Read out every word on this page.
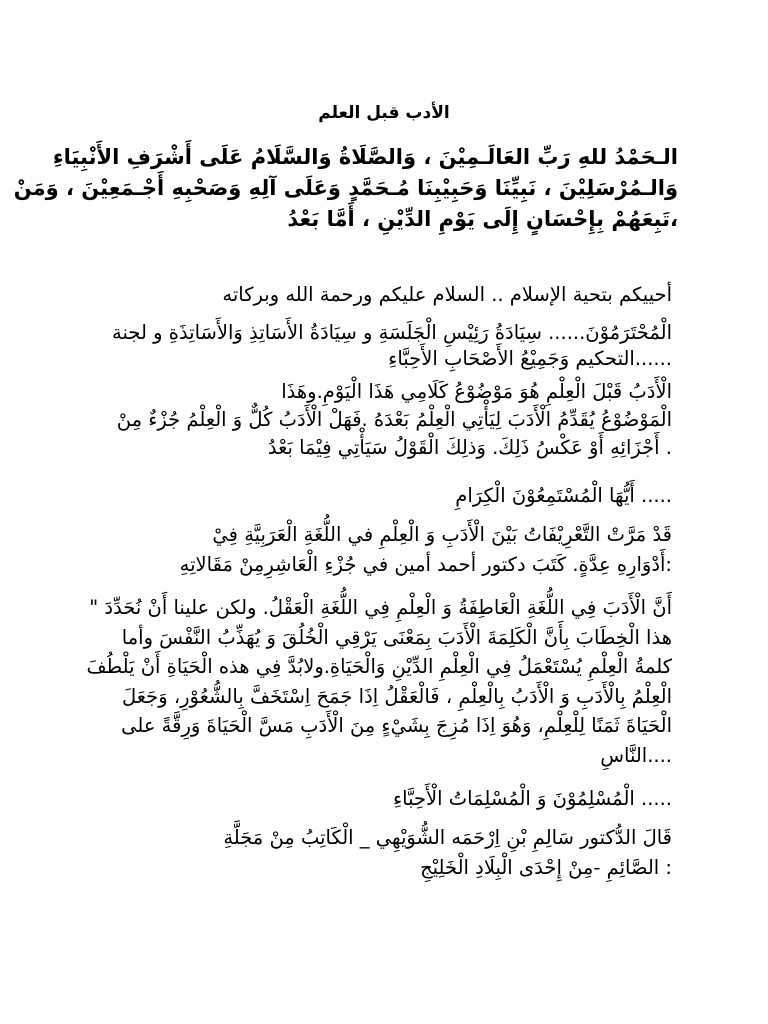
الأدب قبل العلم
الـحَمْدُ للهِ رَبِّ العَالَـمِيْنَ ، وَالصَّلَاةُ وَالسَّلَامُ عَلَى أَشْرَفِ الأَنْبِيَاءِ
وَالـمُرْسَلِيْنَ ، نَبِيِّنَا وَحَبِيْبِنَا مُـحَمَّدٍ وَعَلَى آلِهِ وَصَحْبِهِ أَجْـمَعِيْنَ ، وَمَنْ
،تَبِعَهُمْ بِإِحْسَانٍ إِلَى يَوْمِ الدِّيْنِ ، أَمَّا بَعْدُ
أحييكم بتحية الإسلام .. السلام عليكم ورحمة الله وبركاته
الْمُحْتَرَمُوْنَ...... سِيَادَةُ رَئِيْسِ الْجَلَسَةِ و سِيَادَةُ الأَسَاتِذِ وَالأَسَاتِذَةِ و لجنة
......التحكيم وَجَمِيْعُ الأَصْحَابِ الأَحِبَّاءِ
الْأَدَبُ قَبْلَ الْعِلْمِ هُوَ مَوْضُوْعُ كَلَامِي هَذَا الْيَوْمِ.وهَذَا
الْمَوْضُوْعُ يُقَدِّمُ الْأَدَبَ لِيَأْتِي الْعِلْمُ بَعْدَهُ .فَهَلْ الْأَدَبُ كُلٌّ وَ الْعِلْمُ جُزْءٌ مِنْ
. أَجْزَائِهِ أَوْ عَكْسُ ذَلِكَ. وَذلِكَ الْقَوْلُ سَيَأْتِي فِيْمَا بَعْدُ
..... أَيُّهَا الْمُسْتَمِعُوْنَ الْكِرَامِ
قَدْ مَرَّتْ التَّعْرِيْفَاتُ بَيْنَ الْأَدَبِ وَ الْعِلْمِ في اللُّغَةِ الْعَرَبِيَّةِ فِيْ
:أَدْوَارِهِ عِدَّةٍ. كَتَبَ دكتور أحمد أمين في جُزْءِ الْعَاشِرِمِنْ مَقَالاتِهِ
أَنَّ الْأَدَبَ فِي اللُّغَةِ الْعَاطِفَةُ وَ الْعِلْمِ فِي اللُّغَةِ الْعَقْلُ. ولكن علينا أَنْ نُحَدِّدَ "
هذا الْخِطَابَ بِأَنَّ الْكَلِمَةَ الْأَدَبَ بِمَعْنَى يَرْقِي الْخُلُقَ وَ يُهَذِّبُ النَّفْسَ وأما
كلمةُ الْعِلْمِ يُسْتَعْمَلُ فِي الْعِلْمِ الدِّيْنِ وَالْحَيَاةِ.ولابُدَّ فِي هذه الْحَيَاةِ أَنْ يَلْطُفَ
الْعِلْمُ بِالْأَدَبِ وَ الْأَدَبُ بِالْعِلْمِ ، فَالْعَقْلُ اِذَا جَمَحَ اِسْتَخَفَّ بِالشُّعُوْرِ، وَجَعَلَ
الْحَيَاةَ ثَمَنًا لِلْعِلْمِ، وَهُوَ اِذَا مُزِجَ بِشَيْءٍ مِنَ الْأَدَبِ مَسَّ الْحَيَاةَ وَرِقَّةً على
....النَّاسِ
..... الْمُسْلِمُوْنَ وَ الْمُسْلِمَاتُ الْأَحِبَّاءِ
قَالَ الدُّكتور سَالِمِ بْنِ اِرْحَمَه الشُّوَيْهِي _ الْكَاتِبُ مِنْ مَجَلَّةِ
: الصَّائِمِ -مِنْ إِحْدَى الْبِلَادِ الْخَلِيْجِ
